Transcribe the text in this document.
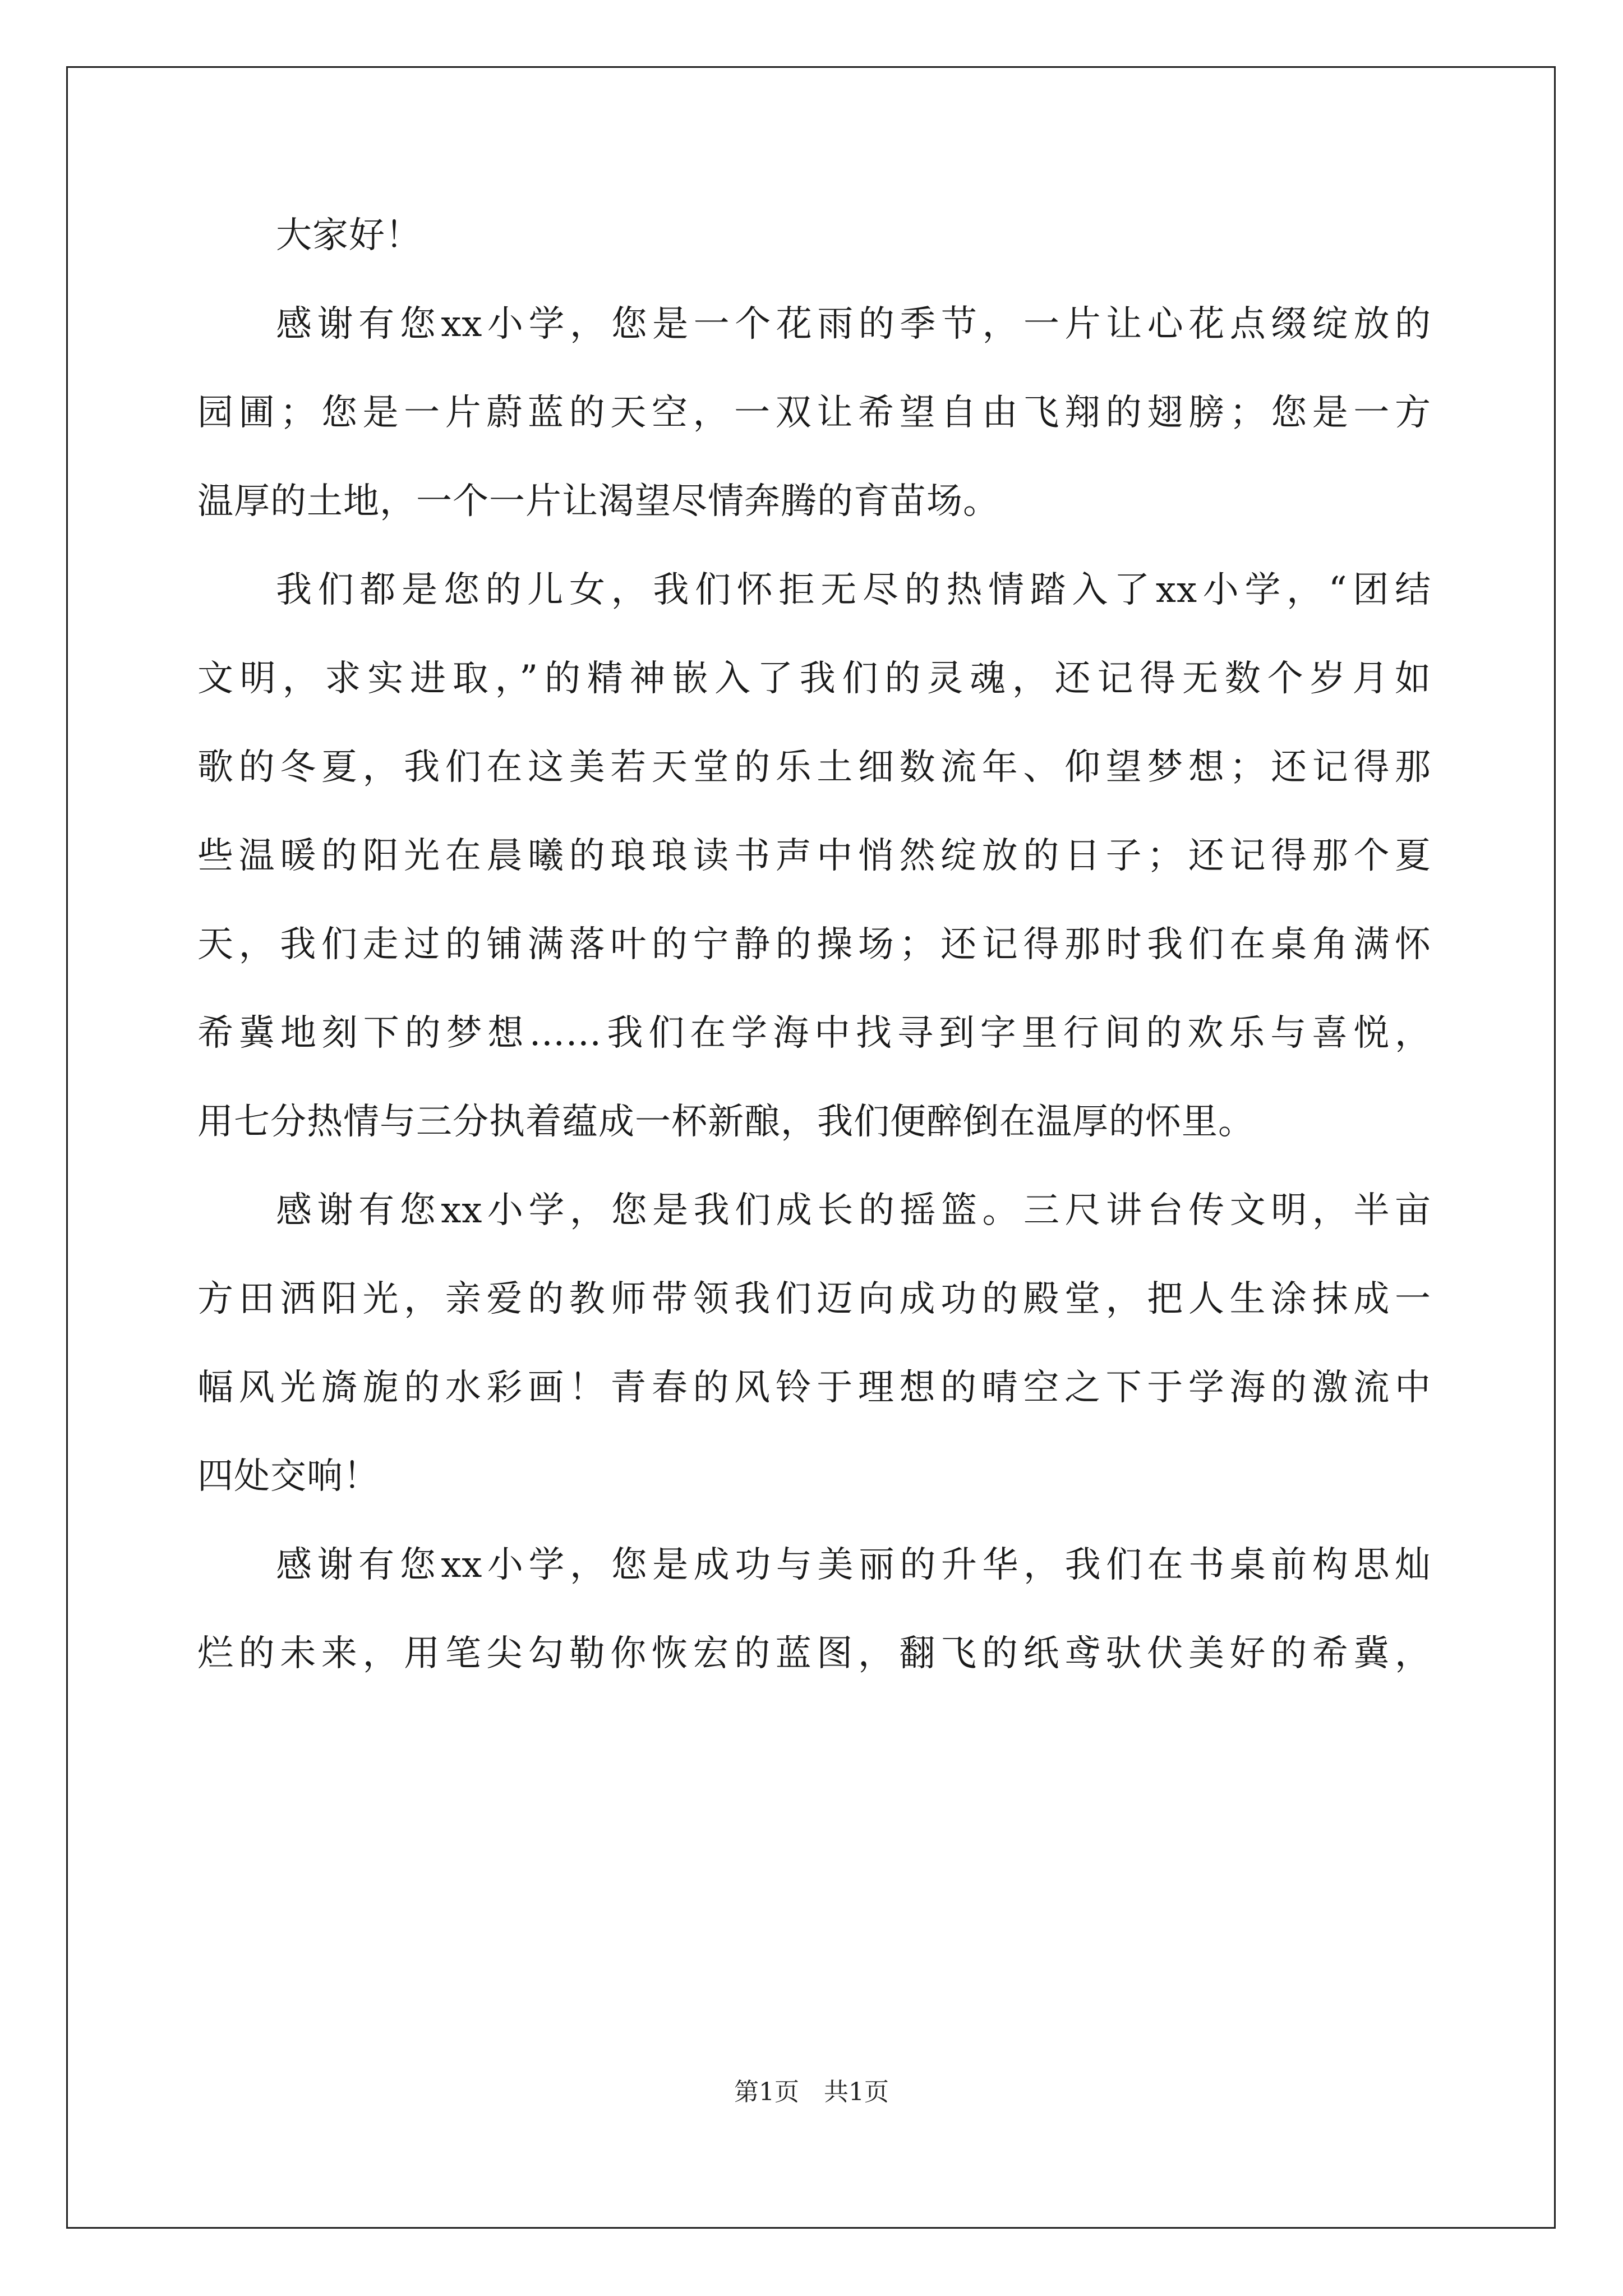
大家好！
感谢有您xx小学，您是一个花雨的季节，一片让心花点缀绽放的
园圃；您是一片蔚蓝的天空，一双让希望自由飞翔的翅膀；您是一方
温厚的土地，一个一片让渴望尽情奔腾的育苗场。
我们都是您的儿女，我们怀拒无尽的热情踏入了xx小学，“团结
文明，求实进取，”的精神嵌入了我们的灵魂，还记得无数个岁月如
歌的冬夏，我们在这美若天堂的乐土细数流年、仰望梦想；还记得那
些温暖的阳光在晨曦的琅琅读书声中悄然绽放的日子；还记得那个夏
天，我们走过的铺满落叶的宁静的操场；还记得那时我们在桌角满怀
希冀地刻下的梦想……我们在学海中找寻到字里行间的欢乐与喜悦，
用七分热情与三分执着蕴成一杯新酿，我们便醉倒在温厚的怀里。
感谢有您xx小学，您是我们成长的摇篮。三尺讲台传文明，半亩
方田洒阳光，亲爱的教师带领我们迈向成功的殿堂，把人生涂抹成一
幅风光旖旎的水彩画！青春的风铃于理想的晴空之下于学海的激流中
四处交响！
感谢有您xx小学，您是成功与美丽的升华，我们在书桌前构思灿
烂的未来，用笔尖勾勒你恢宏的蓝图，翻飞的纸鸢驮伏美好的希冀，
第1页　共1页
